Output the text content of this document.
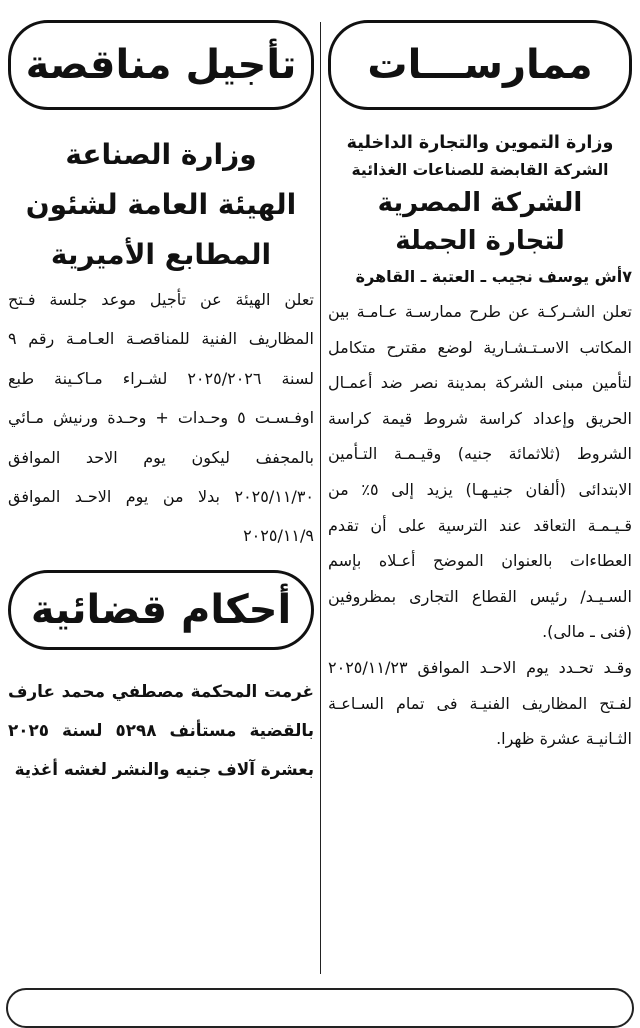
ممارســـات
وزارة التموين والتجارة الداخلية
الشركة القابضة للصناعات الغذائية
الشركة المصرية
لتجارة الجملة
٧أش يوسف نجيب ـ العتبة ـ القاهرة
تعلن الشـركـة عن طرح ممارسـة عـامـة بين المكاتب الاسـتـشـارية لوضع مقترح متكامل لتأمين مبنى الشركة بمدينة نصر ضد أعمـال الحريق وإعداد كراسة شروط قيمة كراسة الشروط (ثلاثمائة جنيه) وقيـمـة التـأمين الابتدائى (ألفان جنيـهـا) يزيد إلى ٥٪ من قـيـمـة التعاقد عند الترسية على أن تقدم العطاءات بالعنوان الموضح أعـلاه بإسم السـيـد/ رئيس القطاع التجارى بمظروفين (فنى ـ مالى).
وقـد تحـدد يوم الاحـد الموافق ٢٠٢٥/١١/٢٣ لفـتح المظاريف الفنيـة فى تمام السـاعـة الثـانيـة عشرة ظهرا.
تأجيل مناقصة
وزارة الصناعة
الهيئة العامة لشئون
المطابع الأميرية
تعلن الهيئة عن تأجيل موعد جلسة فـتح المظاريف الفنية للمناقصـة العـامـة رقم ٩ لسنة ٢٠٢٥/٢٠٢٦ لشـراء مـاكـينة طبع اوفـسـت ٥ وحـدات + وحـدة ورنيش مـائي بالمجفف ليكون يوم الاحد الموافق ٢٠٢٥/١١/٣٠ بدلا من يوم الاحـد الموافق ٢٠٢٥/١١/٩
أحكام قضائية
غرمت المحكمة مصطفي محمد عارف بالقضية مستأنف ٥٢٩٨ لسنة ٢٠٢٥ بعشرة آلاف جنيه والنشر لغشه أغذية
